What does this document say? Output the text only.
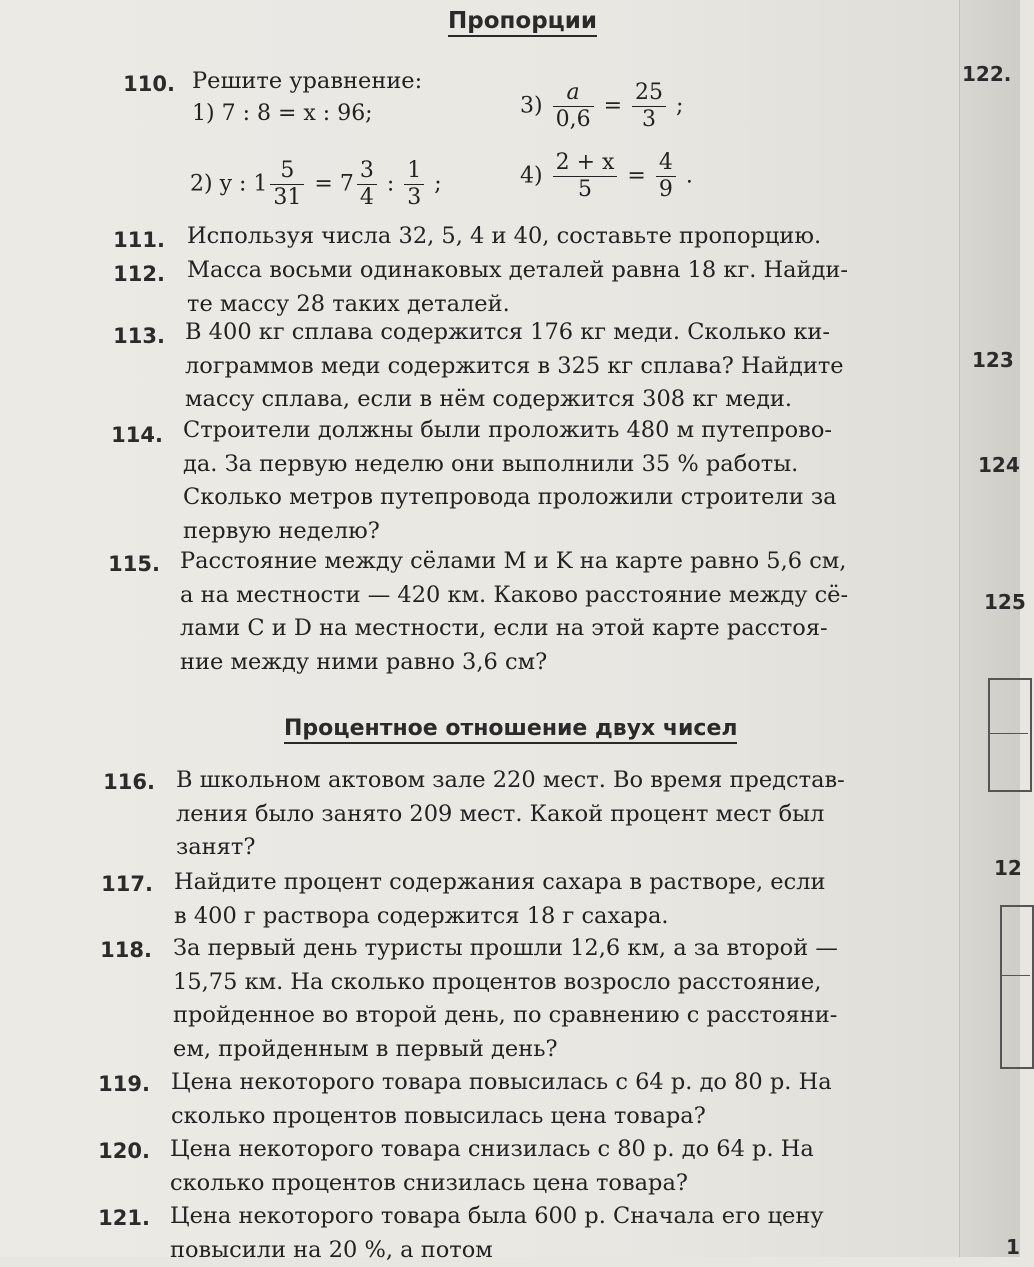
Пропорции
110. Решите уравнение:
1) 7 : 8 = x : 96;
2) y : $1 \frac{5}{31} = 7 \frac{3}{4}$ : $\frac{1}{3}$ ;
$3) \frac{a}{0,6} = \frac{25}{3}$ ;
$4) \frac{2 + x}{5} = \frac{4}{9}$ .
111. Используя числа 32, 5, 4 и 40, составьте пропорцию.
112. Масса восьми одинаковых деталей равна 18 кг. Найди-
те массу 28 таких деталей.
113. В 400 кг сплава содержится 176 кг меди. Сколько ки-
лограммов меди содержится в 325 кг сплава? Найдите
массу сплава, если в нём содержится 308 кг меди.
114. Строители должны были проложить 480 м путепрово-
да. За первую неделю они выполнили 35 % работы.
Сколько метров путепровода проложили строители за
первую неделю?
115. Расстояние между сёлами M и K на карте равно 5,6 см,
а на местности — 420 км. Каково расстояние между сё-
лами C и D на местности, если на этой карте расстоя-
ние между ними равно 3,6 см?
Процентное отношение двух чисел
116. В школьном актовом зале 220 мест. Во время представ-
ления было занято 209 мест. Какой процент мест был
занят?
117. Найдите процент содержания сахара в растворе, если
в 400 г раствора содержится 18 г сахара.
118. За первый день туристы прошли 12,6 км, а за второй —
15,75 км. На сколько процентов возросло расстояние,
пройденное во второй день, по сравнению с расстояни-
ем, пройденным в первый день?
119. Цена некоторого товара повысилась с 64 р. до 80 р. На
сколько процентов повысилась цена товара?
120. Цена некоторого товара снизилась с 80 р. до 64 р. На
сколько процентов снизилась цена товара?
121. Цена некоторого товара была 600 р. Сначала его цену
повысили на 20 %, а потом
122.
123
124
125
12
1
